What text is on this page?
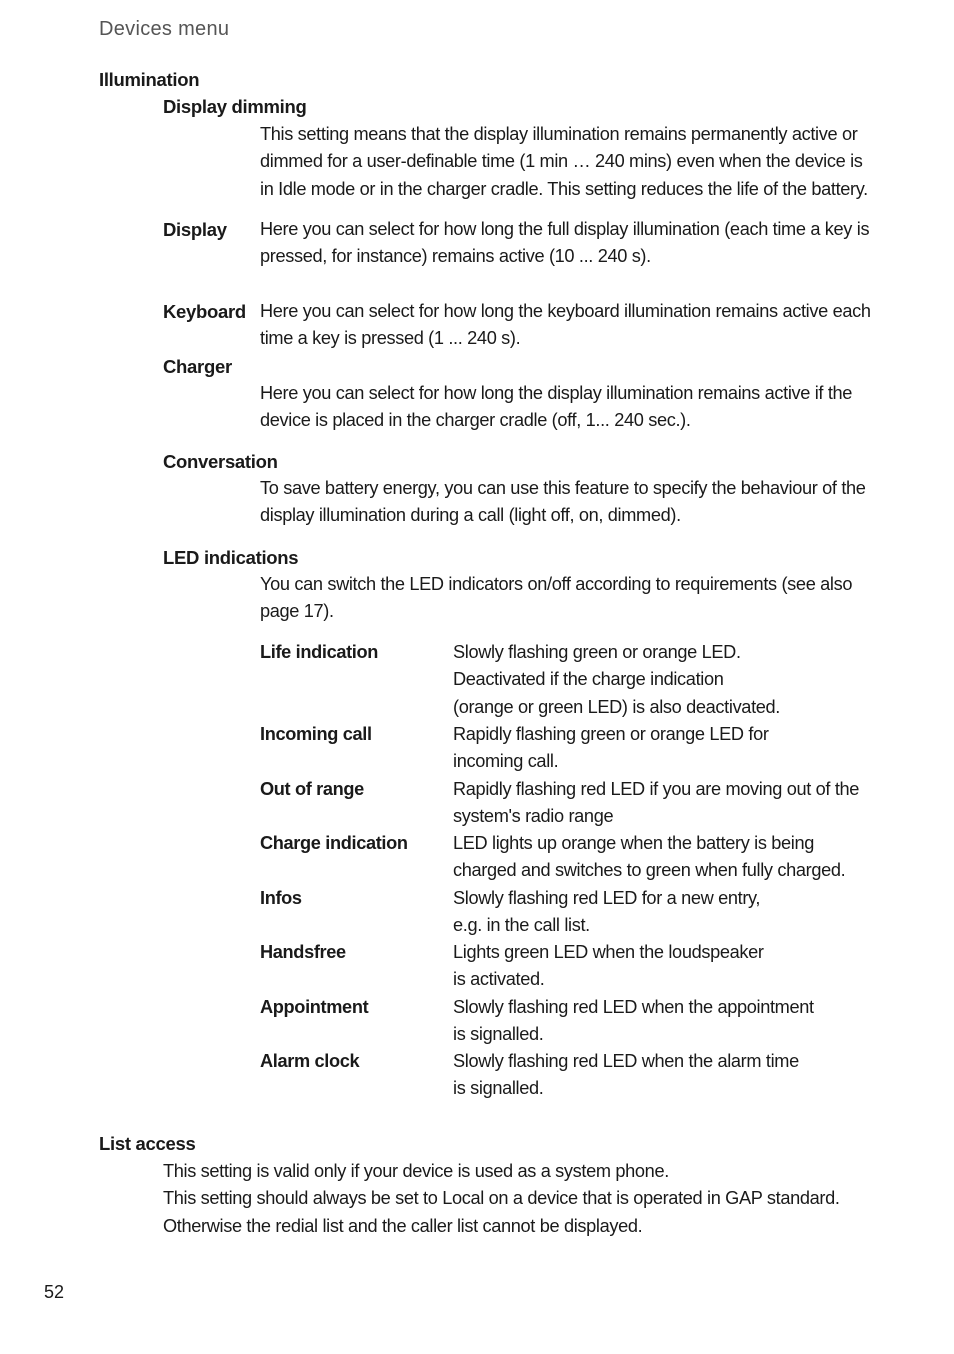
Devices menu
Illumination
Display dimming
This setting means that the display illumination remains permanently active or
dimmed for a user-definable time (1 min … 240 mins) even when the device is
in Idle mode or in the charger cradle. This setting reduces the life of the battery.
Display Here you can select for how long the full display illumination (each time a key is
pressed, for instance) remains active (10 ... 240 s).
Keyboard Here you can select for how long the keyboard illumination remains active each
time a key is pressed (1 ... 240 s).
Charger
Here you can select for how long the display illumination remains active if the
device is placed in the charger cradle (off, 1... 240 sec.).
Conversation
To save battery energy, you can use this feature to specify the behaviour of the
display illumination during a call (light off, on, dimmed).
LED indications
You can switch the LED indicators on/off according to requirements (see also
page 17).
Life indication	Slowly flashing green or orange LED.
Deactivated if the charge indication
(orange or green LED) is also deactivated.
Incoming call	Rapidly flashing green or orange LED for
incoming call.
Out of range	Rapidly flashing red LED if you are moving out of the
system's radio range
Charge indication LED lights up orange when the battery is being
charged and switches to green when fully charged.
Infos	Slowly flashing red LED for a new entry,
e.g. in the call list.
Handsfree	Lights green LED when the loudspeaker
is activated.
Appointment	Slowly flashing red LED when the appointment
is signalled.
Alarm clock	Slowly flashing red LED when the alarm time
is signalled.
List access
This setting is valid only if your device is used as a system phone.
This setting should always be set to Local on a device that is operated in GAP standard.
Otherwise the redial list and the caller list cannot be displayed.
52
